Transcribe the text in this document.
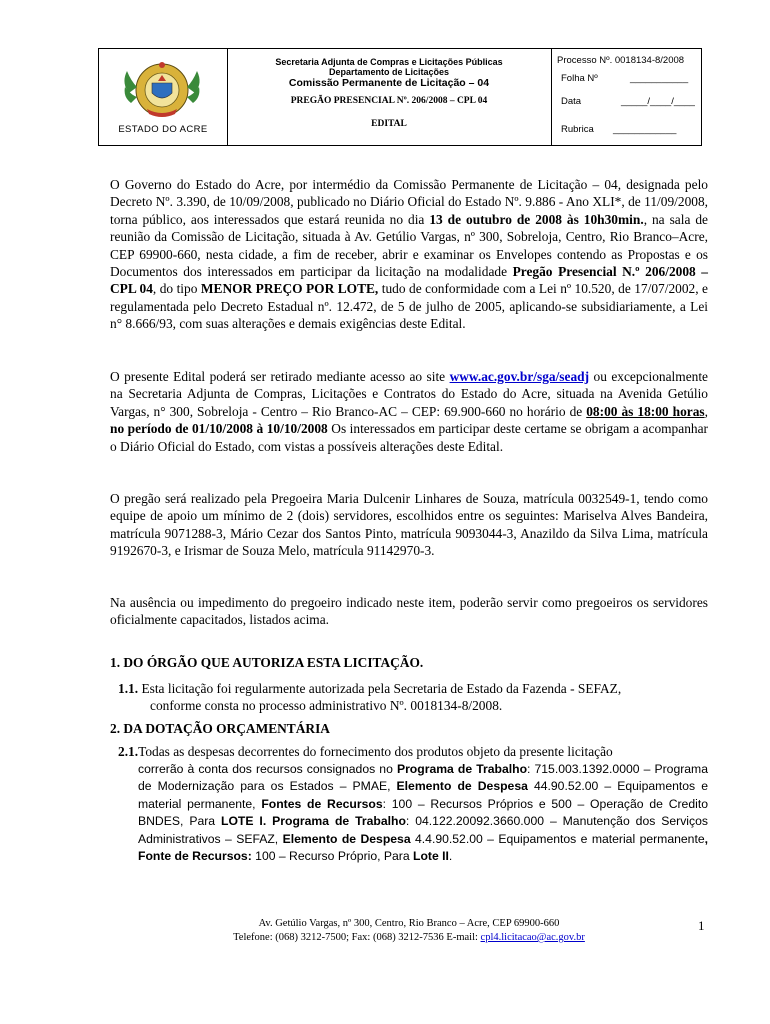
ESTADO DO ACRE
Secretaria Adjunta de Compras e Licitações Públicas
Departamento de Licitações
Comissão Permanente de Licitação – 04
PREGÃO PRESENCIAL Nº. 206/2008 – CPL 04
EDITAL
Processo Nº. 0018134-8/2008
Folha Nº	___________
Data	_____/____/____
Rubrica ____________

O Governo do Estado do Acre, por intermédio da Comissão Permanente de Licitação – 04, designada pelo Decreto Nº. 3.390, de 10/09/2008, publicado no Diário Oficial do Estado Nº. 9.886 - Ano XLI*, de 11/09/2008, torna público, aos interessados que estará reunida no dia 13 de outubro de 2008 às 10h30min., na sala de reunião da Comissão de Licitação, situada à Av. Getúlio Vargas, nº 300, Sobreloja, Centro, Rio Branco–Acre, CEP 69900-660, nesta cidade, a fim de receber, abrir e examinar os Envelopes contendo as Propostas e os Documentos dos interessados em participar da licitação na modalidade Pregão Presencial N.º 206/2008 – CPL 04, do tipo MENOR PREÇO POR LOTE, tudo de conformidade com a Lei nº 10.520, de 17/07/2002, e regulamentada pelo Decreto Estadual nº. 12.472, de 5 de julho de 2005, aplicando-se subsidiariamente, a Lei n° 8.666/93, com suas alterações e demais exigências deste Edital.

O presente Edital poderá ser retirado mediante acesso ao site www.ac.gov.br/sga/seadj ou excepcionalmente na Secretaria Adjunta de Compras, Licitações e Contratos do Estado do Acre, situada na Avenida Getúlio Vargas, n° 300, Sobreloja - Centro – Rio Branco-AC – CEP: 69.900-660 no horário de 08:00 às 18:00 horas, no período de 01/10/2008 à 10/10/2008 Os interessados em participar deste certame se obrigam a acompanhar o Diário Oficial do Estado, com vistas a possíveis alterações deste Edital.

O pregão será realizado pela Pregoeira Maria Dulcenir Linhares de Souza, matrícula 0032549-1, tendo como equipe de apoio um mínimo de 2 (dois) servidores, escolhidos entre os seguintes: Mariselva Alves Bandeira, matrícula 9071288-3, Mário Cezar dos Santos Pinto, matrícula 9093044-3, Anazildo da Silva Lima, matrícula 9192670-3, e Irismar de Souza Melo, matrícula 91142970-3.

Na ausência ou impedimento do pregoeiro indicado neste item, poderão servir como pregoeiros os servidores oficialmente capacitados, listados acima.

1. DO ÓRGÃO QUE AUTORIZA ESTA LICITAÇÃO.
1.1. Esta licitação foi regularmente autorizada pela Secretaria de Estado da Fazenda - SEFAZ,
conforme consta no processo administrativo Nº. 0018134-8/2008.
2. DA DOTAÇÃO ORÇAMENTÁRIA
2.1.Todas as despesas decorrentes do fornecimento dos produtos objeto da presente licitação
correrão à conta dos recursos consignados no Programa de Trabalho: 715.003.1392.0000 – Programa de Modernização para os Estados – PMAE, Elemento de Despesa 44.90.52.00 – Equipamentos e material permanente, Fontes de Recursos: 100 – Recursos Próprios e 500 – Operação de Credito BNDES, Para LOTE I. Programa de Trabalho: 04.122.20092.3660.000 – Manutenção dos Serviços Administrativos – SEFAZ, Elemento de Despesa 4.4.90.52.00 – Equipamentos e material permanente, Fonte de Recursos: 100 – Recurso Próprio, Para Lote II.
Av. Getúlio Vargas, nº 300, Centro, Rio Branco – Acre, CEP 69900-660
Telefone: (068) 3212-7500; Fax: (068) 3212-7536 E-mail: cpl4.licitacao@ac.gov.br
1
